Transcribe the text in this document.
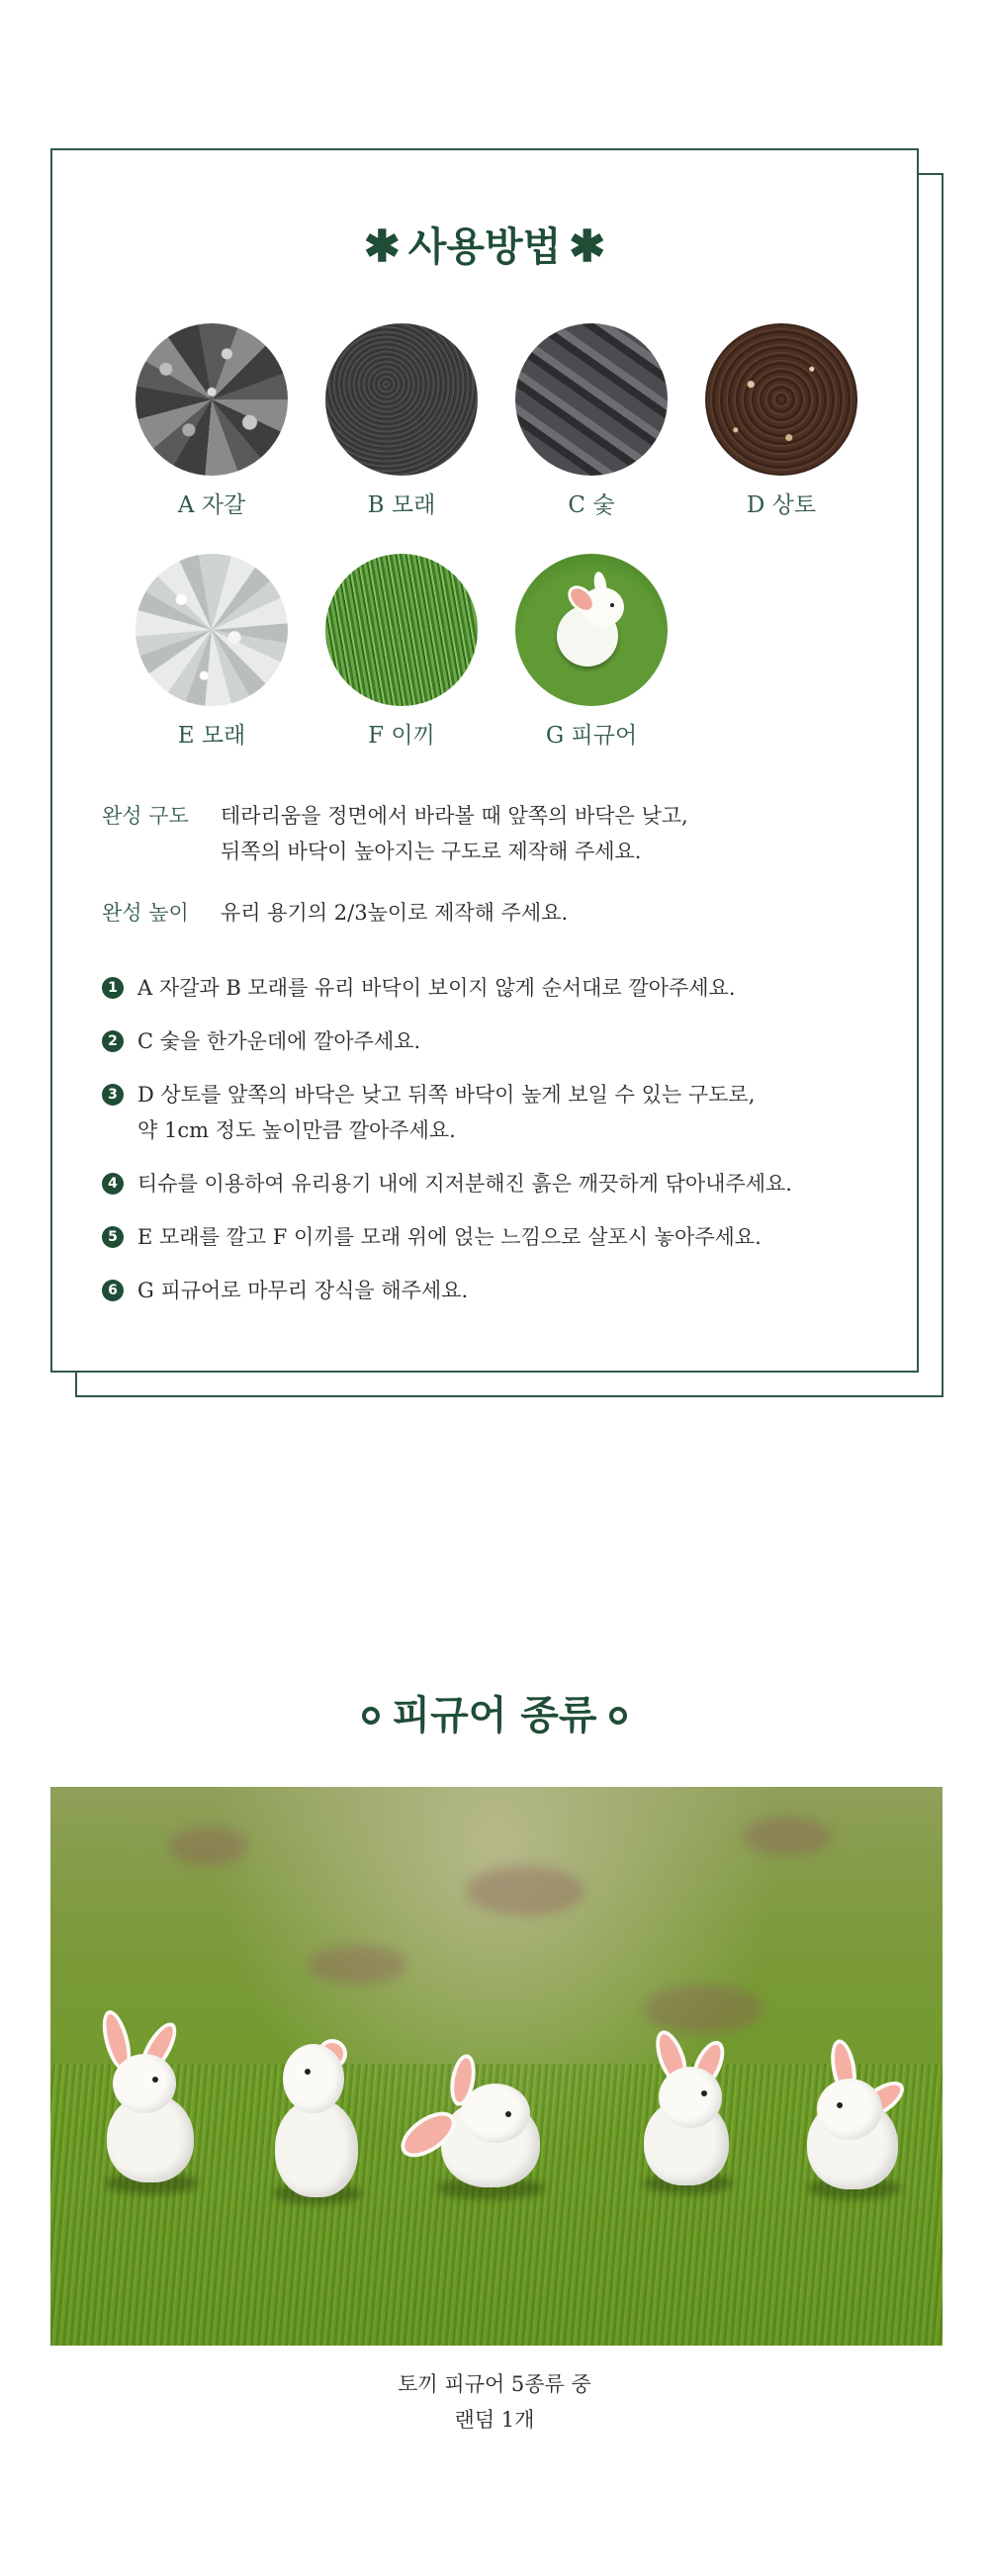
✱ 사용방법 ✱
A 자갈	B 모래	C 숯	D 상토
E 모래	F 이끼	G 피규어
완성 구도	테라리움을 정면에서 바라볼 때 앞쪽의 바닥은 낮고,
뒤쪽의 바닥이 높아지는 구도로 제작해 주세요.
완성 높이	유리 용기의 2/3높이로 제작해 주세요.
1 A 자갈과 B 모래를 유리 바닥이 보이지 않게 순서대로 깔아주세요.
2 C 숯을 한가운데에 깔아주세요.
3 D 상토를 앞쪽의 바닥은 낮고 뒤쪽 바닥이 높게 보일 수 있는 구도로,
약 1cm 정도 높이만큼 깔아주세요.
4 티슈를 이용하여 유리용기 내에 지저분해진 흙은 깨끗하게 닦아내주세요.
5 E 모래를 깔고 F 이끼를 모래 위에 얹는 느낌으로 살포시 놓아주세요.
6 G 피규어로 마무리 장식을 해주세요.
피규어 종류
토끼 피규어 5종류 중
랜덤 1개
